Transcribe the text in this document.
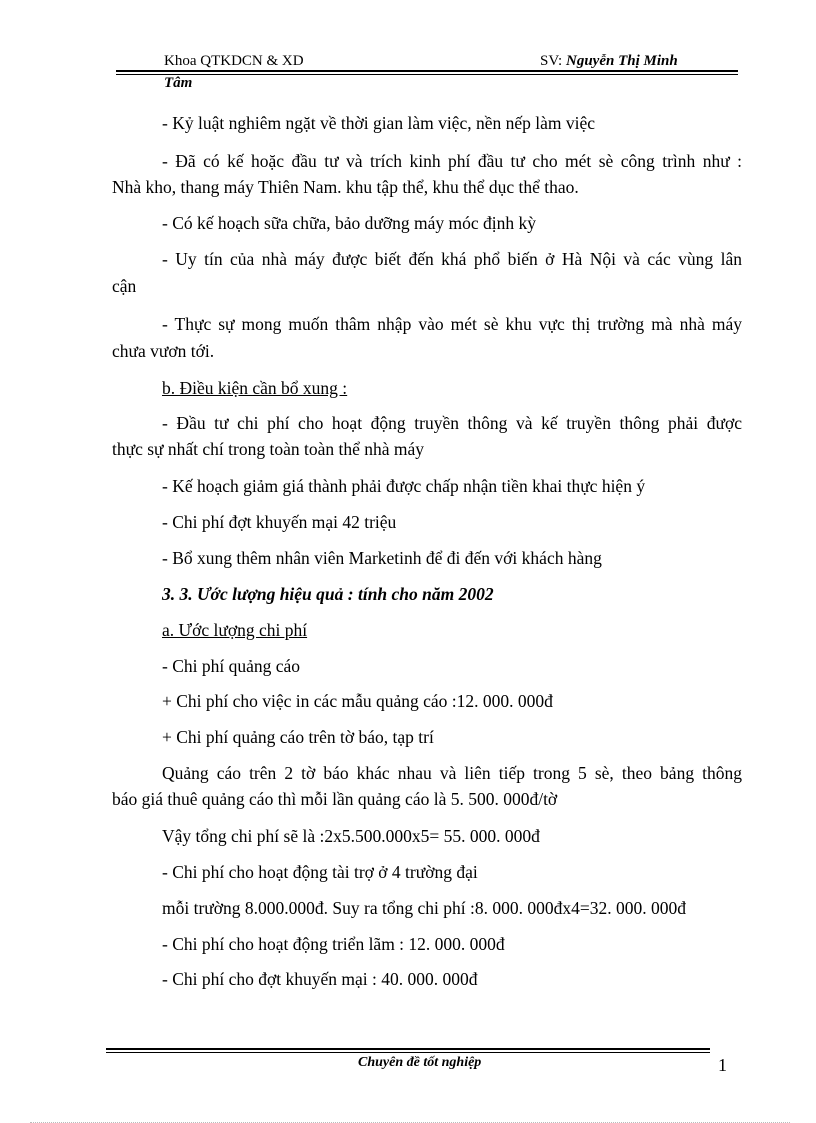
Khoa QTKDCN & XD	SV: Nguyễn Thị Minh
Tâm
- Kỷ luật nghiêm ngặt về thời gian làm việc, nền nếp làm việc
- Đã có kế hoặc đầu tư và trích kinh phí đầu tư cho mét sè công trình như :
Nhà kho, thang máy Thiên Nam. khu tập thể, khu thể dục thể thao.
- Có kế hoạch sữa chữa, bảo dưỡng máy móc định kỳ
- Uy tín của nhà máy được biết đến khá phổ biến ở Hà Nội và các vùng lân
cận
- Thực sự mong muốn thâm nhập vào mét sè khu vực thị trường mà nhà máy
chưa vươn tới.
b. Điều kiện cần bổ xung :
- Đầu tư chi phí cho hoạt động truyền thông và kế truyền thông phải được
thực sự nhất chí trong toàn toàn thể nhà máy
- Kế hoạch giảm giá thành phải được chấp nhận tiền khai thực hiện ý
- Chi phí đợt khuyến mại 42 triệu
- Bổ xung thêm nhân viên Marketinh để đi đến với khách hàng
3. 3. Ước lượng hiệu quả : tính cho năm 2002
a. Ước lượng chi phí
- Chi phí quảng cáo
+ Chi phí cho việc in các mẫu quảng cáo :12. 000. 000đ
+ Chi phí quảng cáo trên tờ báo, tạp trí
Quảng cáo trên 2 tờ báo khác nhau và liên tiếp trong 5 sè, theo bảng thông
báo giá thuê quảng cáo thì mỗi lần quảng cáo là 5. 500. 000đ/tờ
Vậy tổng chi phí sẽ là :2x5.500.000x5= 55. 000. 000đ
- Chi phí cho hoạt động tài trợ ở 4 trường đại
mỗi trường 8.000.000đ. Suy ra tổng chi phí :8. 000. 000đx4=32. 000. 000đ
- Chi phí cho hoạt động triển lãm : 12. 000. 000đ
- Chi phí cho đợt khuyến mại : 40. 000. 000đ
Chuyên đề tốt nghiệp	1
